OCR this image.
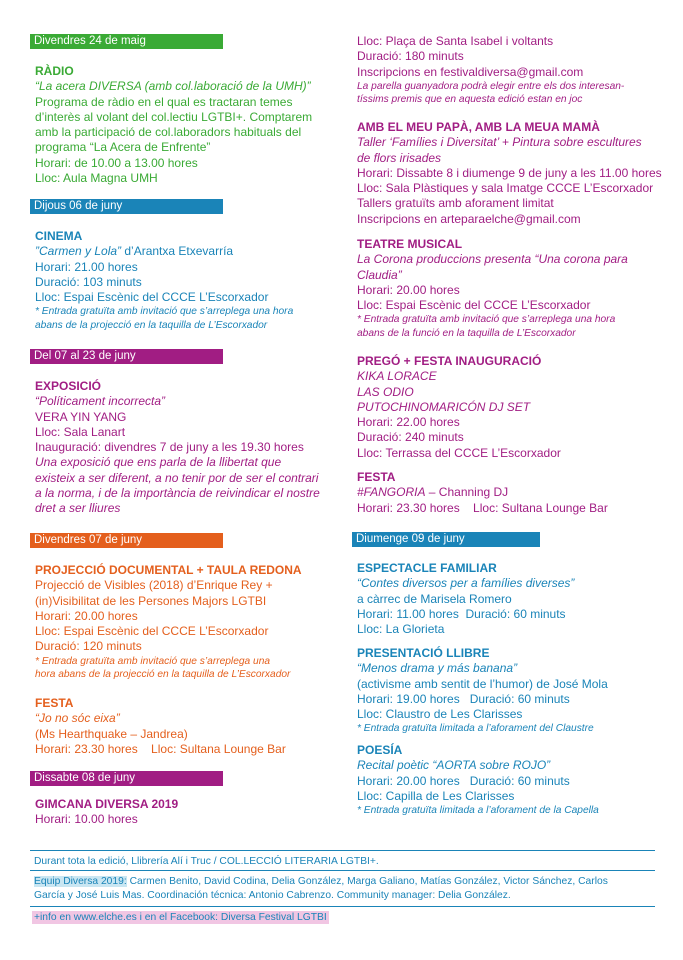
Divendres 24 de maig
RÀDIO
“La acera DIVERSA (amb col.laboració de la UMH)”
Programa de ràdio en el qual es tractaran temes
d’interès al volant del col.lectiu LGTBI+. Comptarem
amb la participació de col.laboradors habituals del
programa “La Acera de Enfrente”
Horari: de 10.00 a 13.00 hores
Lloc: Aula Magna UMH
Dijous 06 de juny
CINEMA
”Carmen y Lola” d’Arantxa Etxevarría
Horari: 21.00 hores
Duració: 103 minuts
Lloc: Espai Escènic del CCCE L’Escorxador
* Entrada gratuïta amb invitació que s’arreplega una hora
abans de la projecció en la taquilla de L’Escorxador
Del 07 al 23 de juny
EXPOSICIÓ
“Políticament incorrecta”
VERA YIN YANG
Lloc: Sala Lanart
Inauguració: divendres 7 de juny a les 19.30 hores
Una exposició que ens parla de la llibertat que
existeix a ser diferent, a no tenir por de ser el contrari
a la norma, i de la importància de reivindicar el nostre
dret a ser lliures
Divendres 07 de juny
PROJECCIÓ DOCUMENTAL + TAULA REDONA
Projecció de Visibles (2018) d’Enrique Rey +
(in)Visibilitat de les Persones Majors LGTBI
Horari: 20.00 hores
Lloc: Espai Escènic del CCCE L’Escorxador
Duració: 120 minuts
* Entrada gratuïta amb invitació que s’arreplega una
hora abans de la projecció en la taquilla de L’Escorxador
FESTA
“Jo no sóc eixa”
(Ms Hearthquake – Jandrea)
Horari: 23.30 hores    Lloc: Sultana Lounge Bar
Dissabte 08 de juny
GIMCANA DIVERSA 2019
Horari: 10.00 hores
Lloc: Plaça de Santa Isabel i voltants
Duració: 180 minuts
Inscripcions en festivaldiversa@gmail.com
La parella guanyadora podrà elegir entre els dos interesan-
tíssims premis que en aquesta edició estan en joc
AMB EL MEU PAPÀ, AMB LA MEUA MAMÀ
Taller ‘Famílies i Diversitat’ + Pintura sobre escultures
de flors irisades
Horari: Dissabte 8 i diumenge 9 de juny a les 11.00 hores
Lloc: Sala Plàstiques y sala Imatge CCCE L’Escorxador
Tallers gratuïts amb aforament limitat
Inscripcions en arteparaelche@gmail.com
TEATRE MUSICAL
La Corona produccions presenta “Una corona para
Claudia”
Horari: 20.00 hores
Lloc: Espai Escènic del CCCE L’Escorxador
* Entrada gratuïta amb invitació que s’arreplega una hora
abans de la funció en la taquilla de L’Escorxador
PREGÓ + FESTA INAUGURACIÓ
KIKA LORACE
LAS ODIO
PUTOCHINOMARICÓN DJ SET
Horari: 22.00 hores
Duració: 240 minuts
Lloc: Terrassa del CCCE L’Escorxador
FESTA
#FANGORIA – Channing DJ
Horari: 23.30 hores    Lloc: Sultana Lounge Bar
Diumenge 09 de juny
ESPECTACLE FAMILIAR
“Contes diversos per a famílies diverses”
a càrrec de Marisela Romero
Horari: 11.00 hores  Duració: 60 minuts
Lloc: La Glorieta
PRESENTACIÓ LLIBRE
“Menos drama y más banana”
(activisme amb sentit de l’humor) de José Mola
Horari: 19.00 hores   Duració: 60 minuts
Lloc: Claustro de Les Clarisses
* Entrada gratuïta limitada a l’aforament del Claustre
POESÍA
Recital poètic “AORTA sobre ROJO”
Horari: 20.00 hores   Duració: 60 minuts
Lloc: Capilla de Les Clarisses
* Entrada gratuïta limitada a l’aforament de la Capella
Durant tota la edició, Llibrería Alí i Truc / COL.LECCIÓ LITERARIA LGTBI+.
Equip Diversa 2019: Carmen Benito, David Codina, Delia González, Marga Galiano, Matías González, Victor Sánchez, Carlos
García y José Luis Mas. Coordinación técnica: Antonio Cabrenzo. Community manager: Delia González.
+info en www.elche.es i en el Facebook: Diversa Festival LGTBI
